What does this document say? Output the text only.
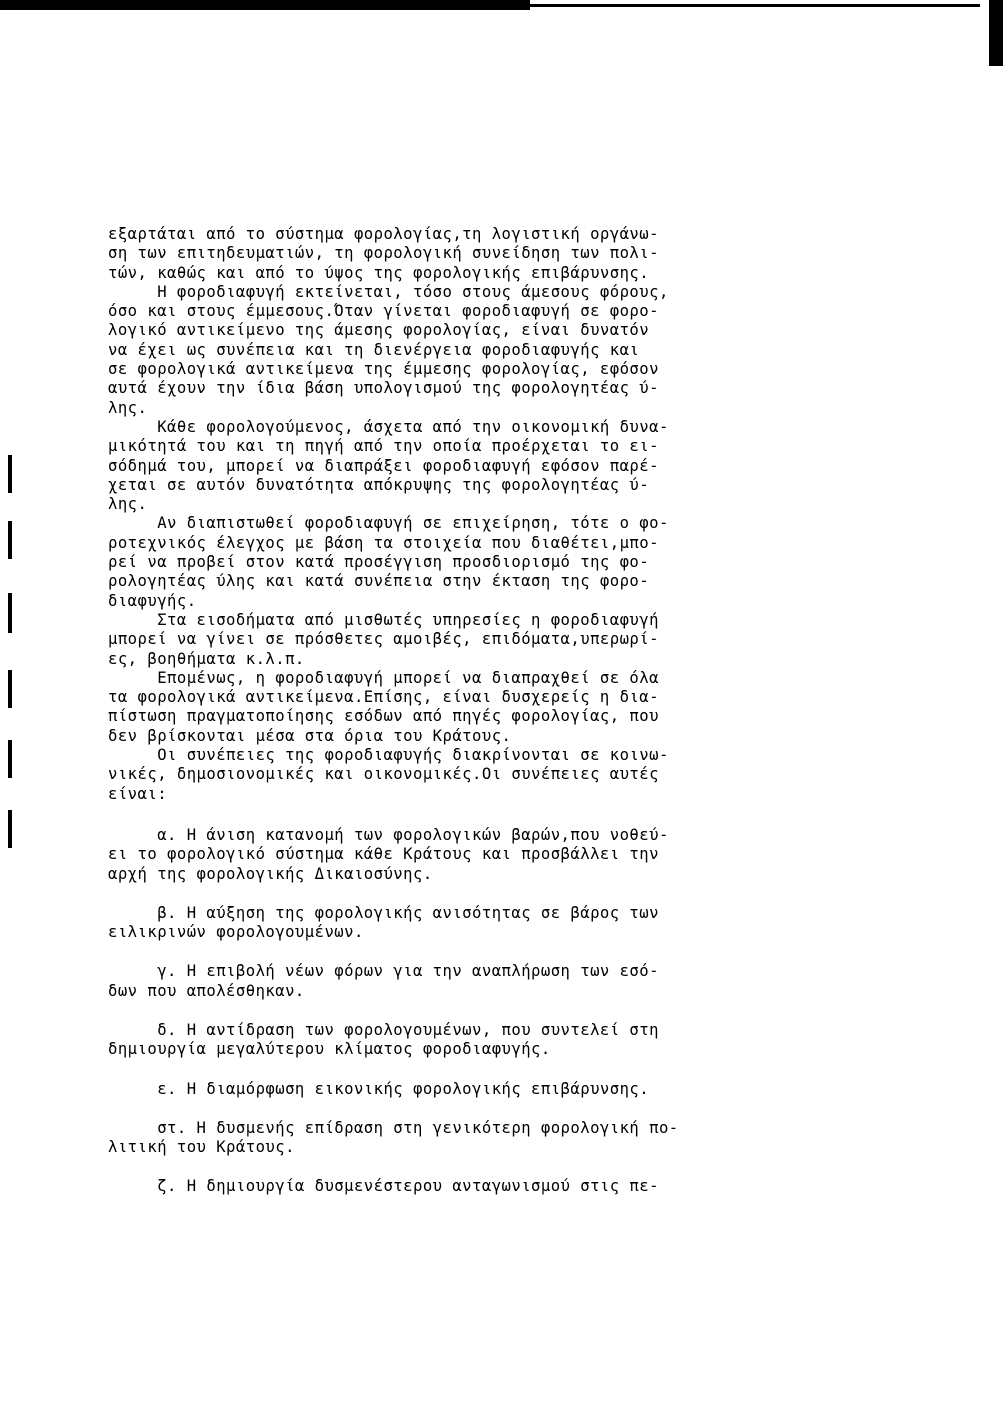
εξαρτάται από το σύστημα φορολογίας,τη λογιστική οργάνω-
ση των επιτηδευματιών, τη φορολογική συνείδηση των πολι-
τών, καθώς και από το ύψος της φορολογικής επιβάρυνσης.
Η φοροδιαφυγή εκτείνεται, τόσο στους άμεσους φόρους,
όσο και στους έμμεσους.Όταν γίνεται φοροδιαφυγή σε φορο-
λογικό αντικείμενο της άμεσης φορολογίας, είναι δυνατόν
να έχει ως συνέπεια και τη διενέργεια φοροδιαφυγής και
σε φορολογικά αντικείμενα της έμμεσης φορολογίας, εφόσον
αυτά έχουν την ίδια βάση υπολογισμού της φορολογητέας ύ-
λης.
Κάθε φορολογούμενος, άσχετα από την οικονομική δυνα-
μικότητά του και τη πηγή από την οποία προέρχεται το ει-
σόδημά του, μπορεί να διαπράξει φοροδιαφυγή εφόσον παρέ-
χεται σε αυτόν δυνατότητα απόκρυψης της φορολογητέας ύ-
λης.
Αν διαπιστωθεί φοροδιαφυγή σε επιχείρηση, τότε ο φο-
ροτεχνικός έλεγχος με βάση τα στοιχεία που διαθέτει,μπο-
ρεί να προβεί στον κατά προσέγγιση προσδιορισμό της φο-
ρολογητέας ύλης και κατά συνέπεια στην έκταση της φορο-
διαφυγής.
Στα εισοδήματα από μισθωτές υπηρεσίες η φοροδιαφυγή
μπορεί να γίνει σε πρόσθετες αμοιβές, επιδόματα,υπερωρί-
ες, βοηθήματα κ.λ.π.
Επομένως, η φοροδιαφυγή μπορεί να διαπραχθεί σε όλα
τα φορολογικά αντικείμενα.Επίσης, είναι δυσχερείς η δια-
πίστωση πραγματοποίησης εσόδων από πηγές φορολογίας, που
δεν βρίσκονται μέσα στα όρια του Κράτους.
Οι συνέπειες της φοροδιαφυγής διακρίνονται σε κοινω-
νικές, δημοσιονομικές και οικονομικές.Οι συνέπειες αυτές
είναι:
α. Η άνιση κατανομή των φορολογικών βαρών,που νοθεύ-
ει το φορολογικό σύστημα κάθε Κράτους και προσβάλλει την
αρχή της φορολογικής Δικαιοσύνης.
β. Η αύξηση της φορολογικής ανισότητας σε βάρος των
ειλικρινών φορολογουμένων.
γ. Η επιβολή νέων φόρων για την αναπλήρωση των εσό-
δων που απολέσθηκαν.
δ. Η αντίδραση των φορολογουμένων, που συντελεί στη
δημιουργία μεγαλύτερου κλίματος φοροδιαφυγής.
ε. Η διαμόρφωση εικονικής φορολογικής επιβάρυνσης.
στ. Η δυσμενής επίδραση στη γενικότερη φορολογική πο-
λιτική του Κράτους.
ζ. Η δημιουργία δυσμενέστερου ανταγωνισμού στις πε-
